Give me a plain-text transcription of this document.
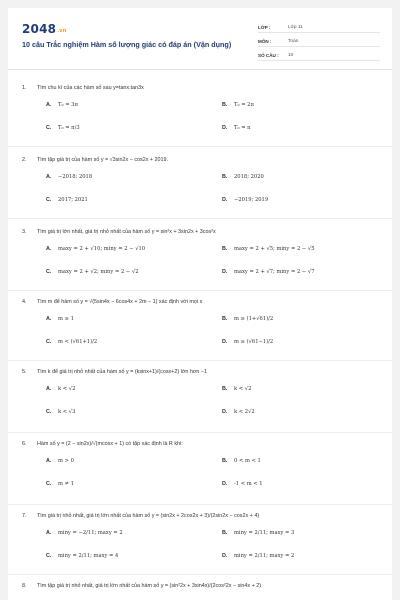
2048.vn
10 câu Trắc nghiệm Hàm số lượng giác có đáp án (Vận dụng)
LỚP :	Lớp 11
MÔN :	Toán
SỐ CÂU :	10
1.	Tìm chu kì của các hàm số sau y=tanx.tan3x
A.	T₀ = 3π	B.	T₀ = 2π
C.	T₀ = π/3	D.	T₀ = π
2.	Tìm tập giá trị của hàm số y = √3sin2x − cos2x + 2019.
A.	−2018; 2018	B.	2018; 2020
C.	2017; 2021	D.	−2019; 2019
3.	Tìm giá trị lớn nhất, giá trị nhỏ nhất của hàm số y = sin²x + 3sin2x + 3cos²x
A.	maxy = 2 + √10; miny = 2 − √10	B.	maxy = 2 + √5; miny = 2 − √5
C.	maxy = 2 + √2; miny = 2 − √2	D.	maxy = 2 + √7; miny = 2 − √7
4.	Tìm m để hàm số y = √(5sin4x − 6cos4x + 2m − 1) xác định với mọi x
A.	m ≥ 1	B.	m ≥ (1+√61)/2
C.	m < (√61+1)/2	D.	m ≥ (√61−1)/2
5.	Tìm k để giá trị nhỏ nhất của hàm số y = (ksinx+1)/(cosx+2) lớn hơn −1
A.	k < √2	B.	k < √2
C.	k < √3	D.	k < 2√2
6.	Hàm số y = (2 − sin2x)/√(mcosx + 1) có tập xác định là R khi:
A.	m > 0	B.	0 < m < 1
C.	m ≠ 1	D.	-1 < m < 1
7.	Tìm giá trị nhỏ nhất, giá trị lớn nhất của hàm số y = (sin2x + 2cos2x + 3)/(2sin2x − cos2x + 4)
A.	miny = −2/11; maxy = 2	B.	miny = 2/11; maxy = 3
C.	miny = 2/11; maxy = 4	D.	miny = 2/11; maxy = 2
8.	Tìm tập giá trị nhỏ nhất, giá trị lớn nhất của hàm số y = (sin²2x + 3sin4x)/(2cos²2x − sin4x + 2)
